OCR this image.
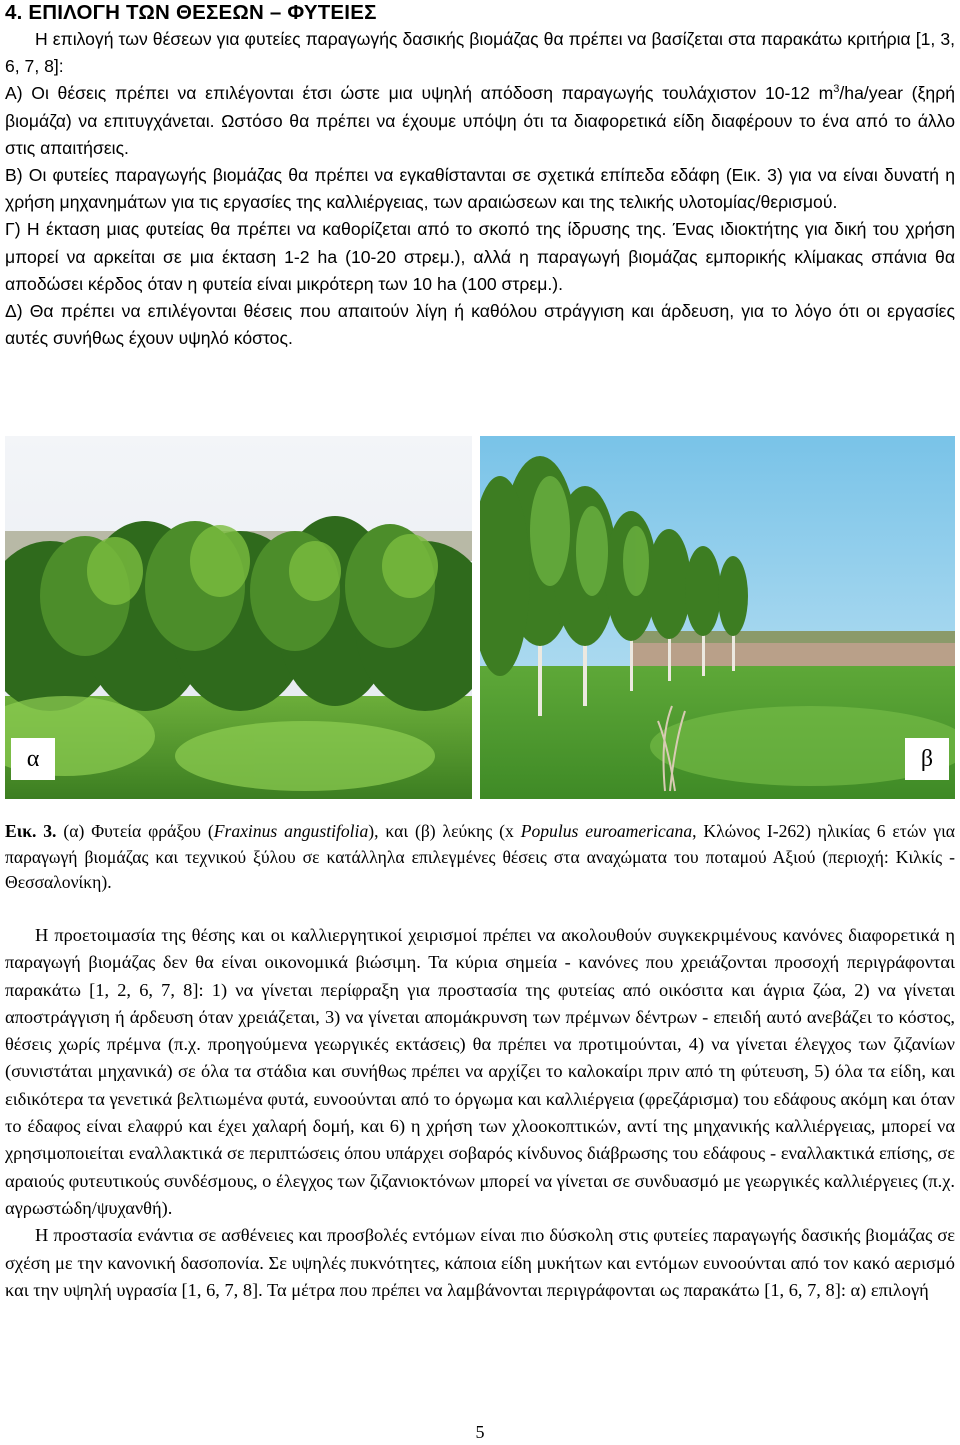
4. ΕΠΙΛΟΓΗ ΤΩΝ ΘΕΣΕΩΝ – ΦΥΤΕΙΕΣ

Η επιλογή των θέσεων για φυτείες παραγωγής δασικής βιομάζας θα πρέπει να βασίζεται στα παρακάτω κριτήρια [1, 3, 6, 7, 8]:

Α) Οι θέσεις πρέπει να επιλέγονται έτσι ώστε μια υψηλή απόδοση παραγωγής τουλάχιστον 10-12 $m^3/ha$/year (ξηρή βιομάζα) να επιτυγχάνεται. Ωστόσο θα πρέπει να έχουμε υπόψη ότι τα διαφορετικά είδη διαφέρουν το ένα από το άλλο στις απαιτήσεις.

Β) Οι φυτείες παραγωγής βιομάζας θα πρέπει να εγκαθίστανται σε σχετικά επίπεδα εδάφη (Εικ. 3) για να είναι δυνατή η χρήση μηχανημάτων για τις εργασίες της καλλιέργειας, των αραιώσεων και της τελικής υλοτομίας/θερισμού.

Γ) Η έκταση μιας φυτείας θα πρέπει να καθορίζεται από το σκοπό της ίδρυσης της. Ένας ιδιοκτήτης για δική του χρήση μπορεί να αρκείται σε μια έκταση 1-2 ha (10-20 στρεμ.), αλλά η παραγωγή βιομάζας εμπορικής κλίμακας σπάνια θα αποδώσει κέρδος όταν η φυτεία είναι μικρότερη των 10 ha (100 στρεμ.).

Δ) Θα πρέπει να επιλέγονται θέσεις που απαιτούν λίγη ή καθόλου στράγγιση και άρδευση, για το λόγο ότι οι εργασίες αυτές συνήθως έχουν υψηλό κόστος.

α	β

Εικ. 3. (α) Φυτεία φράξου (Fraxinus angustifolia), και (β) λεύκης (x Populus euroamericana, Κλώνος I-262) ηλικίας 6 ετών για παραγωγή βιομάζας και τεχνικού ξύλου σε κατάλληλα επιλεγμένες θέσεις στα αναχώματα του ποταμού Αξιού (περιοχή: Κιλκίς - Θεσσαλονίκη).

Η προετοιμασία της θέσης και οι καλλιεργητικοί χειρισμοί πρέπει να ακολουθούν συγκεκριμένους κανόνες διαφορετικά η παραγωγή βιομάζας δεν θα είναι οικονομικά βιώσιμη. Τα κύρια σημεία - κανόνες που χρειάζονται προσοχή περιγράφονται παρακάτω [1, 2, 6, 7, 8]: 1) να γίνεται περίφραξη για προστασία της φυτείας από οικόσιτα και άγρια ζώα, 2) να γίνεται αποστράγγιση ή άρδευση όταν χρειάζεται, 3) να γίνεται απομάκρυνση των πρέμνων δέντρων - επειδή αυτό ανεβάζει το κόστος, θέσεις χωρίς πρέμνα (π.χ. προηγούμενα γεωργικές εκτάσεις) θα πρέπει να προτιμούνται, 4) να γίνεται έλεγχος των ζιζανίων (συνιστάται μηχανικά) σε όλα τα στάδια και συνήθως πρέπει να αρχίζει το καλοκαίρι πριν από τη φύτευση, 5) όλα τα είδη, και ειδικότερα τα γενετικά βελτιωμένα φυτά, ευνοούνται από το όργωμα και καλλιέργεια (φρεζάρισμα) του εδάφους ακόμη και όταν το έδαφος είναι ελαφρύ και έχει χαλαρή δομή, και 6) η χρήση των χλοοκοπτικών, αντί της μηχανικής καλλιέργειας, μπορεί να χρησιμοποιείται εναλλακτικά σε περιπτώσεις όπου υπάρχει σοβαρός κίνδυνος διάβρωσης του εδάφους - εναλλακτικά επίσης, σε αραιούς φυτευτικούς συνδέσμους, ο έλεγχος των ζιζανιοκτόνων μπορεί να γίνεται σε συνδυασμό με γεωργικές καλλιέργειες (π.χ. αγρωστώδη/ψυχανθή).

Η προστασία ενάντια σε ασθένειες και προσβολές εντόμων είναι πιο δύσκολη στις φυτείες παραγωγής δασικής βιομάζας σε σχέση με την κανονική δασοπονία. Σε υψηλές πυκνότητες, κάποια είδη μυκήτων και εντόμων ευνοούνται από τον κακό αερισμό και την υψηλή υγρασία [1, 6, 7, 8]. Τα μέτρα που πρέπει να λαμβάνονται περιγράφονται ως παρακάτω [1, 6, 7, 8]: α) επιλογή

5
